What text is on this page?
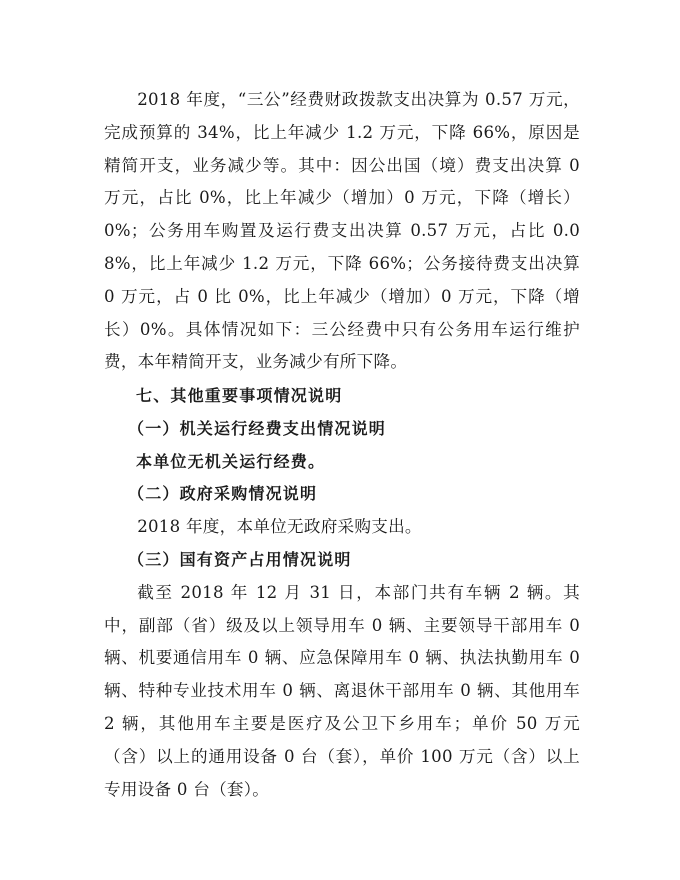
2018 年度，“三公”经费财政拨款支出决算为 0.57 万元，完成预算的 34%，比上年减少 1.2 万元，下降 66%，原因是精简开支，业务减少等。其中：因公出国（境）费支出决算 0 万元，占比 0%，比上年减少（增加）0 万元，下降（增长）0%；公务用车购置及运行费支出决算 0.57 万元，占比 0.08%，比上年减少 1.2 万元，下降 66%；公务接待费支出决算 0 万元，占 0 比 0%，比上年减少（增加）0 万元，下降（增长）0%。具体情况如下：三公经费中只有公务用车运行维护费，本年精简开支，业务减少有所下降。

七、其他重要事项情况说明

（一）机关运行经费支出情况说明

本单位无机关运行经费。

（二）政府采购情况说明

2018 年度，本单位无政府采购支出。

（三）国有资产占用情况说明

截至 2018 年 12 月 31 日，本部门共有车辆 2 辆。其中，副部（省）级及以上领导用车 0 辆、主要领导干部用车 0 辆、机要通信用车 0 辆、应急保障用车 0 辆、执法执勤用车 0 辆、特种专业技术用车 0 辆、离退休干部用车 0 辆、其他用车 2 辆，其他用车主要是医疗及公卫下乡用车；单价 50 万元（含）以上的通用设备 0 台（套），单价 100 万元（含）以上专用设备 0 台（套）。
